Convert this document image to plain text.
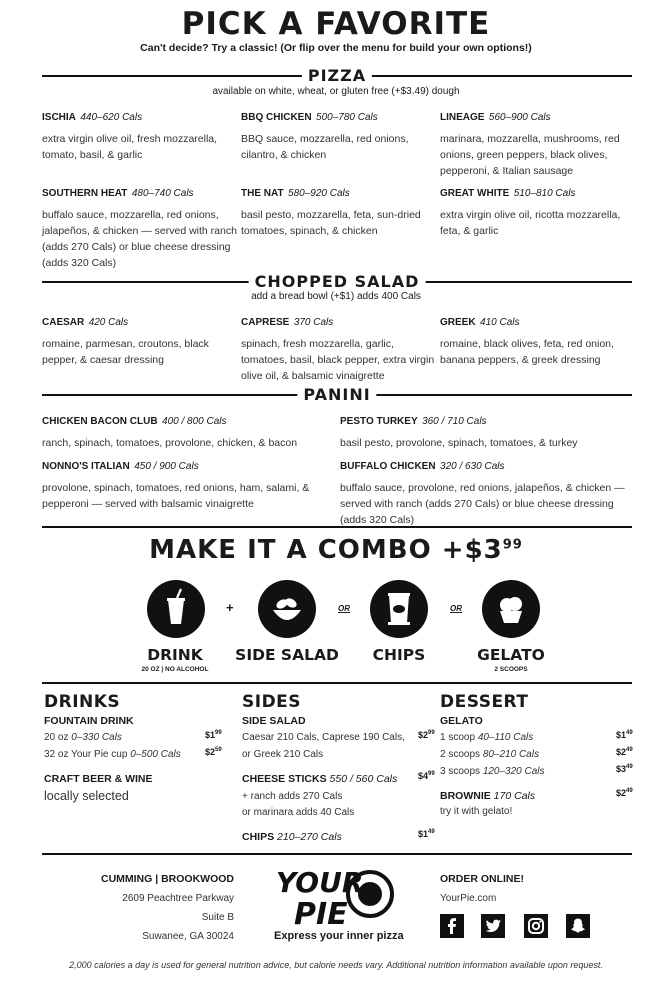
PICK A FAVORITE
Can't decide? Try a classic! (Or flip over the menu for build your own options!)
PIZZA
available on white, wheat, or gluten free (+$3.49) dough
ISCHIA 440–620 Cals
extra virgin olive oil, fresh mozzarella, tomato, basil, & garlic
BBQ CHICKEN 500–780 Cals
BBQ sauce, mozzarella, red onions, cilantro, & chicken
LINEAGE 560–900 Cals
marinara, mozzarella, mushrooms, red onions, green peppers, black olives, pepperoni, & Italian sausage
SOUTHERN HEAT 480–740 Cals
buffalo sauce, mozzarella, red onions, jalapeños, & chicken — served with ranch (adds 270 Cals) or blue cheese dressing (adds 320 Cals)
THE NAT 580–920 Cals
basil pesto, mozzarella, feta, sun-dried tomatoes, spinach, & chicken
GREAT WHITE 510–810 Cals
extra virgin olive oil, ricotta mozzarella, feta, & garlic
CHOPPED SALAD
add a bread bowl (+$1) adds 400 Cals
CAESAR 420 Cals
romaine, parmesan, croutons, black pepper, & caesar dressing
CAPRESE 370 Cals
spinach, fresh mozzarella, garlic, tomatoes, basil, black pepper, extra virgin olive oil, & balsamic vinaigrette
GREEK 410 Cals
romaine, black olives, feta, red onion, banana peppers, & greek dressing
PANINI
CHICKEN BACON CLUB 400 / 800 Cals
ranch, spinach, tomatoes, provolone, chicken, & bacon
PESTO TURKEY 360 / 710 Cals
basil pesto, provolone, spinach, tomatoes, & turkey
NONNO'S ITALIAN 450 / 900 Cals
provolone, spinach, tomatoes, red onions, ham, salami, & pepperoni — served with balsamic vinaigrette
BUFFALO CHICKEN 320 / 630 Cals
buffalo sauce, provolone, red onions, jalapeños, & chicken — served with ranch (adds 270 Cals) or blue cheese dressing (adds 320 Cals)
MAKE IT A COMBO $+\$3^{99}$
+	OR	OR
DRINK
20 OZ | NO ALCOHOL
SIDE SALAD	CHIPS	GELATO
2 SCOOPS
DRINKS
FOUNTAIN DRINK
20 oz 0–330 Cals	$\$1^{99}$
32 oz Your Pie cup 0–500 Cals	$\$2^{59}$
CRAFT BEER & WINE
locally selected
SIDES
SIDE SALAD
Caesar 210 Cals, Caprese 190 Cals,
or Greek 210 Cals
$\$2^{99}$
CHEESE STICKS 550 / 560 Cals $\$4^{99}$
+ ranch adds 270 Cals
or marinara adds 40 Cals
CHIPS 210–270 Cals	$\$1^{49}$
DESSERT
GELATO
1 scoop 40–110 Cals	$\$1^{49}$
2 scoops 80–210 Cals	$\$2^{49}$
3 scoops 120–320 Cals	$\$3^{49}$
BROWNIE 170 Cals	$\$2^{49}$
try it with gelato!
CUMMING | BROOKWOOD
2609 Peachtree Parkway
Suite B
Suwanee, GA 30024
YOUR
PIE
Express your inner pizza
ORDER ONLINE!
YourPie.com
2,000 calories a day is used for general nutrition advice, but calorie needs vary. Additional nutrition information available upon request.
